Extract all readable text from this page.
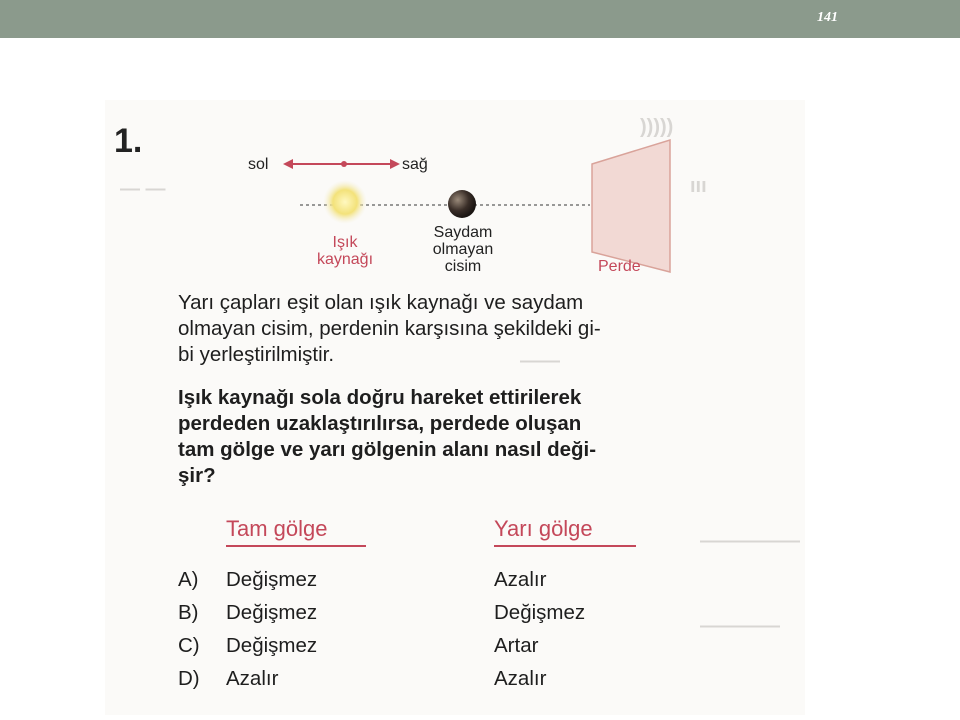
141
)))))
ııı
— —
——
—————
————
1.
sol	sağ
Işık
kaynağı
Saydam
olmayan
cisim	Perde
Yarı çapları eşit olan ışık kaynağı ve saydam
olmayan cisim, perdenin karşısına şekildeki gi-
bi yerleştirilmiştir.
Işık kaynağı sola doğru hareket ettirilerek
perdeden uzaklaştırılırsa, perdede oluşan
tam gölge ve yarı gölgenin alanı nasıl deği-
şir?
Tam gölge	Yarı gölge
A) Değişmez	Azalır
B) Değişmez	Değişmez
C) Değişmez	Artar
D) Azalır	Azalır
